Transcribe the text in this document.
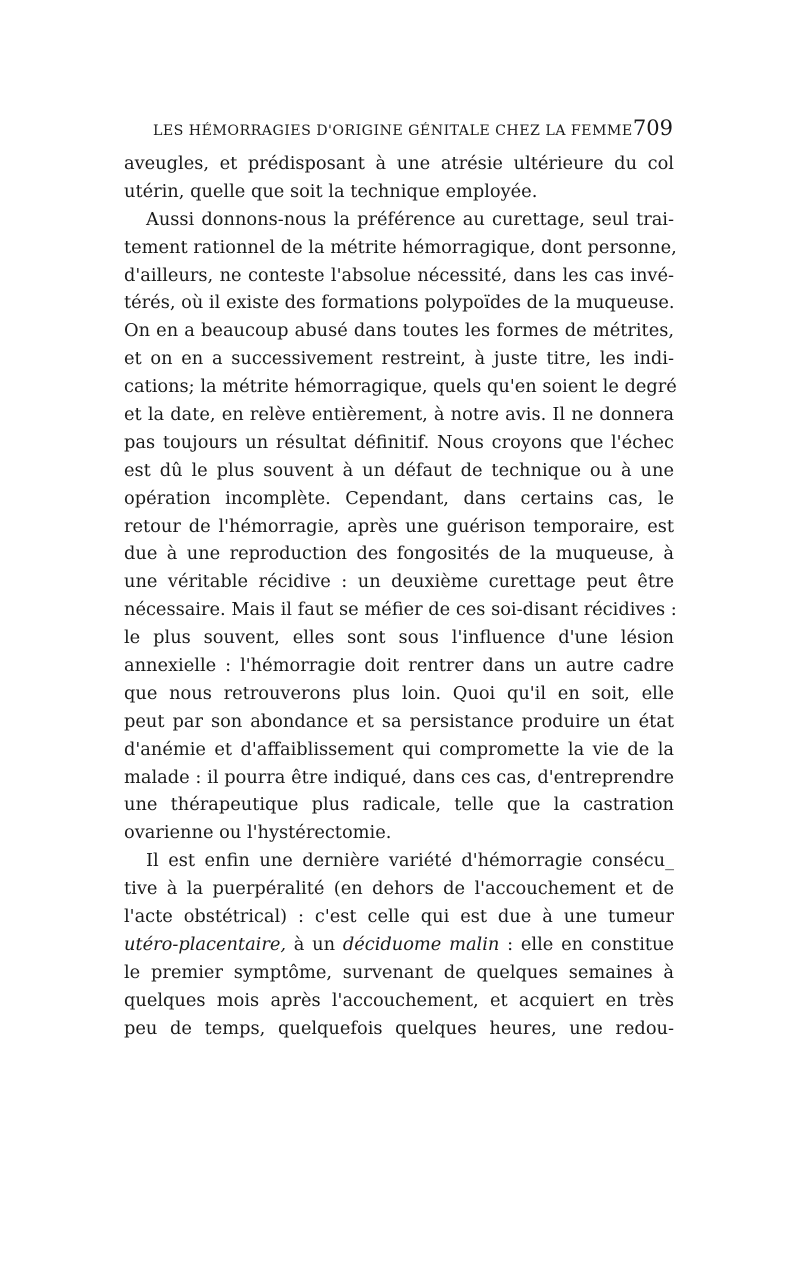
LES HÉMORRAGIES D'ORIGINE GÉNITALE CHEZ LA FEMME 709
aveugles, et prédisposant à une atrésie ultérieure du col
utérin, quelle que soit la technique employée.
Aussi donnons-nous la préférence au curettage, seul trai-
tement rationnel de la métrite hémorragique, dont personne,
d'ailleurs, ne conteste l'absolue nécessité, dans les cas invé-
térés, où il existe des formations polypoïdes de la muqueuse.
On en a beaucoup abusé dans toutes les formes de métrites,
et on en a successivement restreint, à juste titre, les indi-
cations; la métrite hémorragique, quels qu'en soient le degré
et la date, en relève entièrement, à notre avis. Il ne donnera
pas toujours un résultat définitif. Nous croyons que l'échec
est dû le plus souvent à un défaut de technique ou à une
opération incomplète. Cependant, dans certains cas, le
retour de l'hémorragie, après une guérison temporaire, est
due à une reproduction des fongosités de la muqueuse, à
une véritable récidive : un deuxième curettage peut être
nécessaire. Mais il faut se méfier de ces soi-disant récidives :
le plus souvent, elles sont sous l'influence d'une lésion
annexielle : l'hémorragie doit rentrer dans un autre cadre
que nous retrouverons plus loin. Quoi qu'il en soit, elle
peut par son abondance et sa persistance produire un état
d'anémie et d'affaiblissement qui compromette la vie de la
malade : il pourra être indiqué, dans ces cas, d'entreprendre
une thérapeutique plus radicale, telle que la castration
ovarienne ou l'hystérectomie.
Il est enfin une dernière variété d'hémorragie consécu_
tive à la puerpéralité (en dehors de l'accouchement et de
l'acte obstétrical) : c'est celle qui est due à une tumeur
utéro-placentaire, à un déciduome malin : elle en constitue
le premier symptôme, survenant de quelques semaines à
quelques mois après l'accouchement, et acquiert en très
peu de temps, quelquefois quelques heures, une redou-
